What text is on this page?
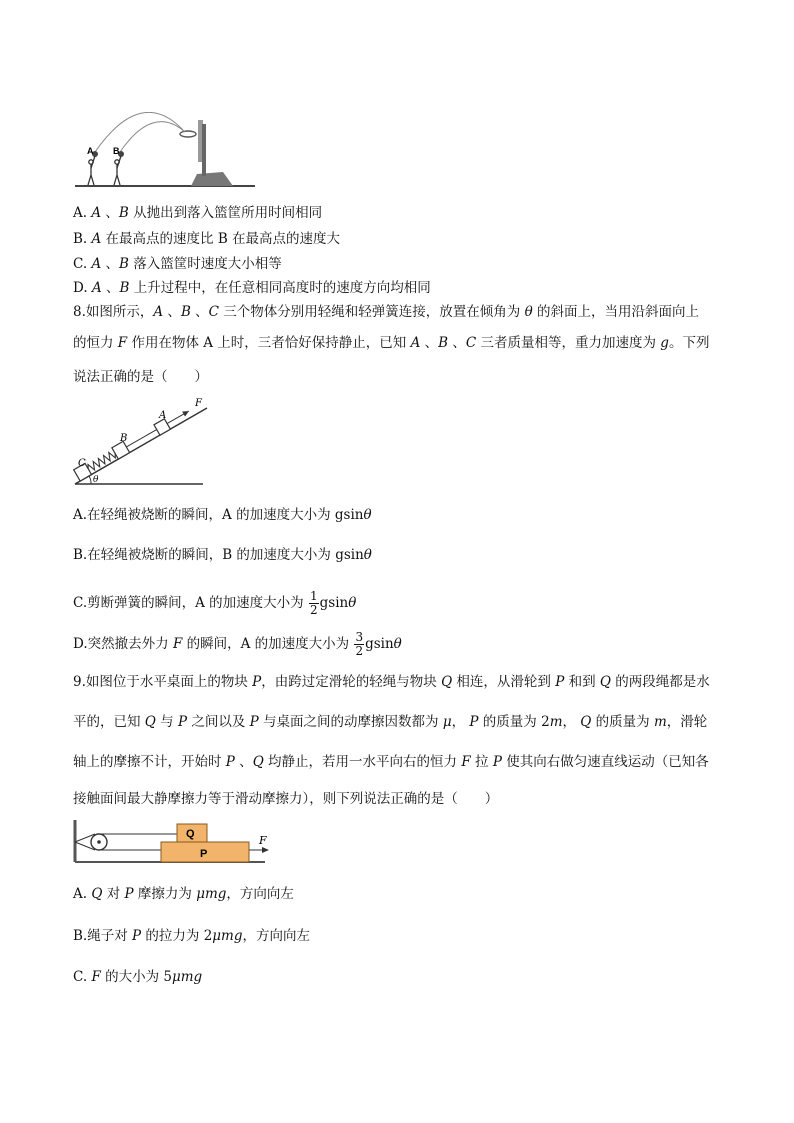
A B
A. A 、B 从抛出到落入篮筐所用时间相同
B. A 在最高点的速度比 B 在最高点的速度大
C. A 、B 落入篮筐时速度大小相等
D. A 、B 上升过程中，在任意相同高度时的速度方向均相同
8.如图所示，A 、B 、C 三个物体分别用轻绳和轻弹簧连接，放置在倾角为 θ 的斜面上，当用沿斜面向上
的恒力 F 作用在物体 A 上时，三者恰好保持静止，已知 A 、B 、C 三者质量相等，重力加速度为 g。下列
说法正确的是（　　）
C
B
A
F
θ
A.在轻绳被烧断的瞬间，A 的加速度大小为 gsinθ
B.在轻绳被烧断的瞬间，B 的加速度大小为 gsinθ
C.剪断弹簧的瞬间，A 的加速度大小为 $\frac{1}{2}$ gsinθ
D.突然撤去外力 F 的瞬间，A 的加速度大小为 $\frac{3}{2}$ gsinθ
9.如图位于水平桌面上的物块 P，由跨过定滑轮的轻绳与物块 Q 相连，从滑轮到 P 和到 Q 的两段绳都是水
平的，已知 Q 与 P 之间以及 P 与桌面之间的动摩擦因数都为 μ， P 的质量为 2m， Q 的质量为 m，滑轮
轴上的摩擦不计，开始时 P 、Q 均静止，若用一水平向右的恒力 F 拉 P 使其向右做匀速直线运动（已知各
接触面间最大静摩擦力等于滑动摩擦力），则下列说法正确的是（　　）
Q
P
F
A. Q 对 P 摩擦力为 μmg，方向向左
B.绳子对 P 的拉力为 2μmg，方向向左
C. F 的大小为 5μmg
